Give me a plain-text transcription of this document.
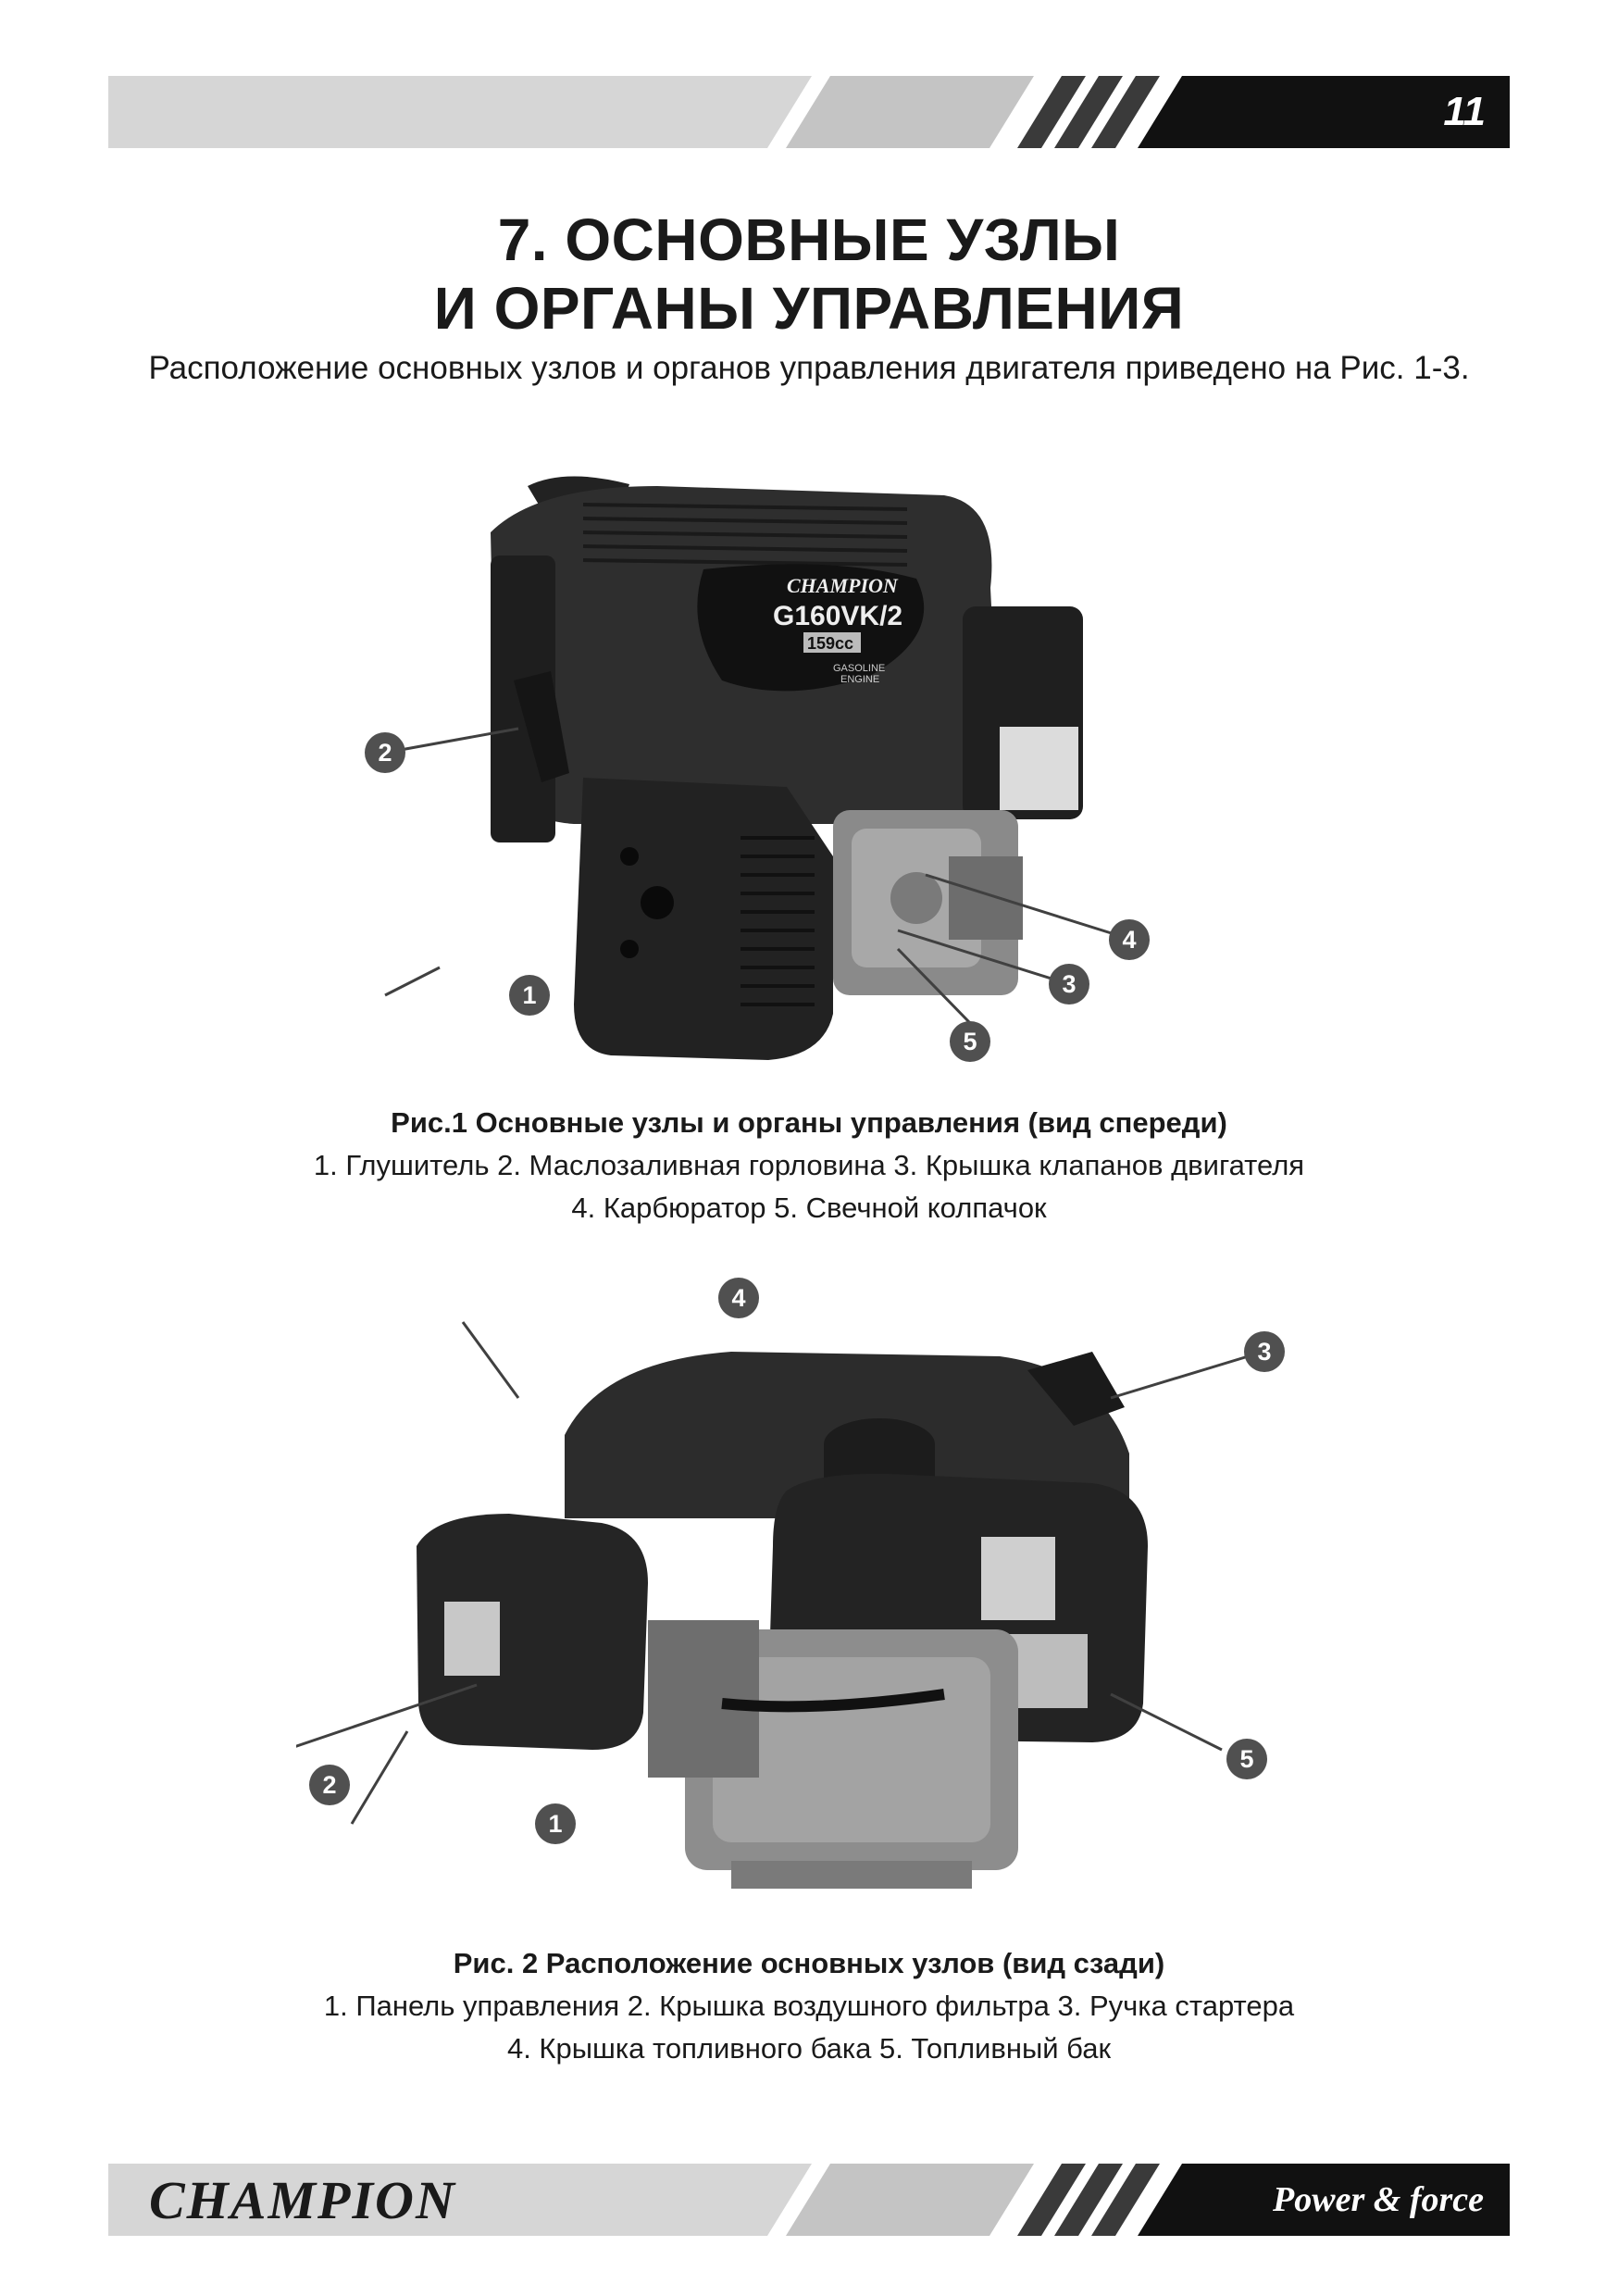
11
7. ОСНОВНЫЕ УЗЛЫ
И ОРГАНЫ УПРАВЛЕНИЯ
Расположение основных узлов и органов управления двигателя приведено на Рис. 1-3.
CHAMPION
G160VK/2
159cc
GASOLINE
ENGINE
2
1
4
3
5
Рис.1 Основные узлы и органы управления (вид спереди)
1. Глушитель 2. Маслозаливная горловина 3. Крышка клапанов двигателя
4. Карбюратор 5. Свечной колпачок
4
3
2
1
5
Рис. 2 Расположение основных узлов (вид сзади)
1. Панель управления 2. Крышка воздушного фильтра 3. Ручка стартера
4. Крышка топливного бака 5. Топливный бак
CHAMPION	Power & force
